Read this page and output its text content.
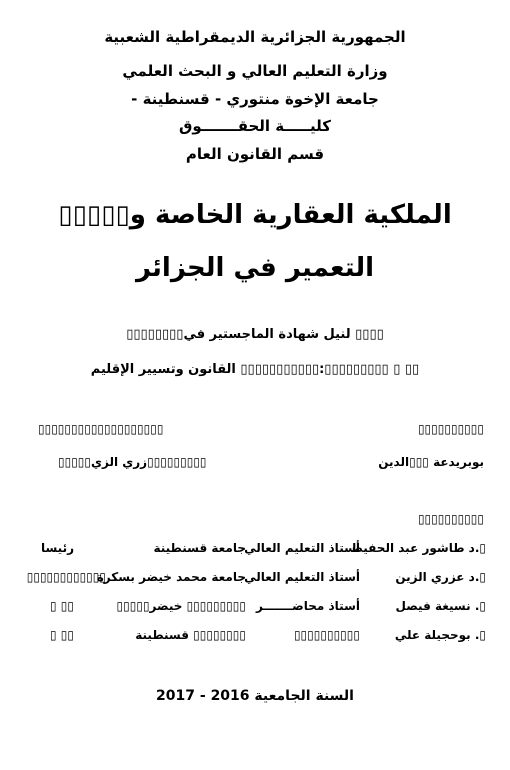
الجمهورية الجزائرية الديمقراطية الشعبية
وزارة التعليم العالي و البحث العلمي
جامعة الإخوة منتوري - قسنطينة -
كليـــــة الحقـــــــوق
قسم القانون العام
الملكية العقارية الخاصة و▯▯▯▯▯
التعمير في الجزائر
▯▯▯▯ لنيل شهادة الماجستير في▯▯▯▯▯▯▯▯
▯▯ ▯ ▯▯▯▯▯▯▯▯▯:▯▯▯▯▯▯▯▯▯▯▯ القانون وتسيير الإقليم
▯▯▯▯▯▯▯▯▯▯▯▯▯▯▯▯▯▯▯	▯▯▯▯▯▯▯▯▯▯
▯▯▯▯▯▯▯▯▯زري الزي▯▯▯▯▯	بوبريدعة ▯▯▯الدين
▯▯▯▯▯▯▯▯▯▯
▯.د طاشور عبد الحفيظ
أستاذ التعليم العالي
جامعة قسنطينة
رئيسا
▯.د عزري الزين
أستاذ التعليم العالي
جامعة محمد خيضر بسكرة
▯▯▯▯▯▯▯▯▯▯▯▯
▯. نسيغة فيصل
أستاذ محاضـــــــر
▯▯▯▯▯▯▯▯▯ خيضر▯▯▯▯▯
▯▯ ▯
▯. بوحجيلة علي
▯▯▯▯▯▯▯▯▯▯
▯▯▯▯▯▯▯▯ قسنطينة
▯▯ ▯
السنة الجامعية 2016 - 2017
